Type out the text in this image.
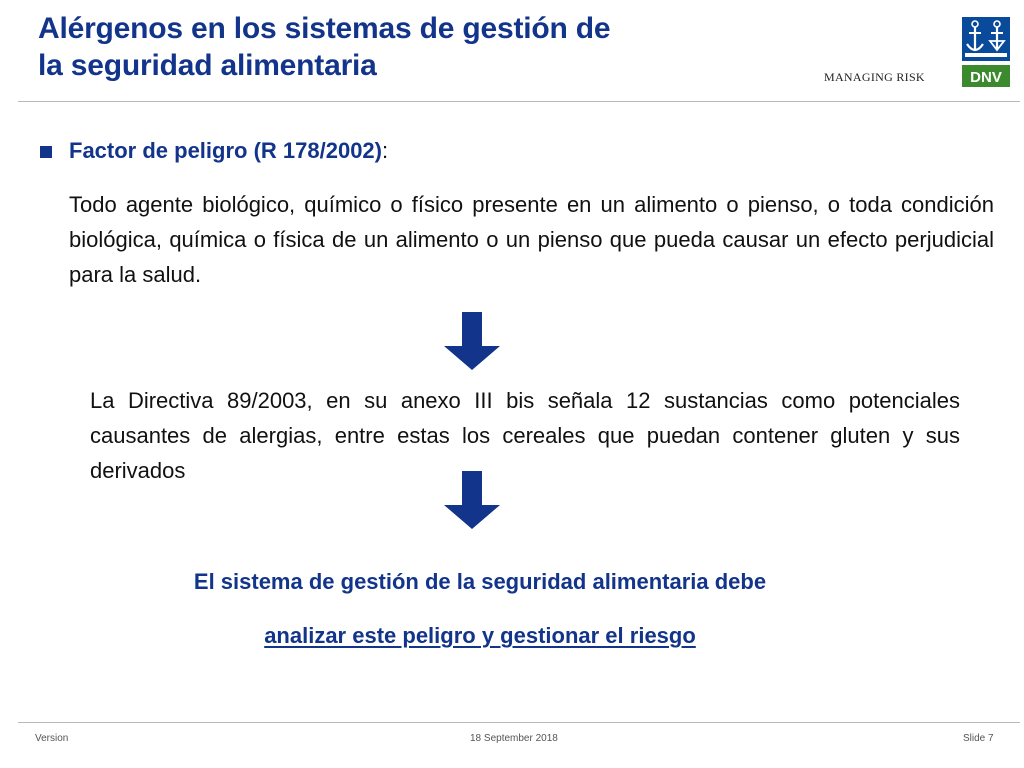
Alérgenos en los sistemas de gestión de
la seguridad alimentaria	MANAGING RISK	DNV
Factor de peligro (R 178/2002):
Todo agente biológico, químico o físico presente en un alimento o pienso, o toda condición biológica, química o física de un alimento o un pienso que pueda causar un efecto perjudicial para la salud.
La Directiva 89/2003, en su anexo III bis señala 12 sustancias como potenciales causantes de alergias, entre estas los cereales que puedan contener gluten y sus derivados
El sistema de gestión de la seguridad alimentaria debe
analizar este peligro y gestionar el riesgo
Version	18 September 2018	Slide 7
